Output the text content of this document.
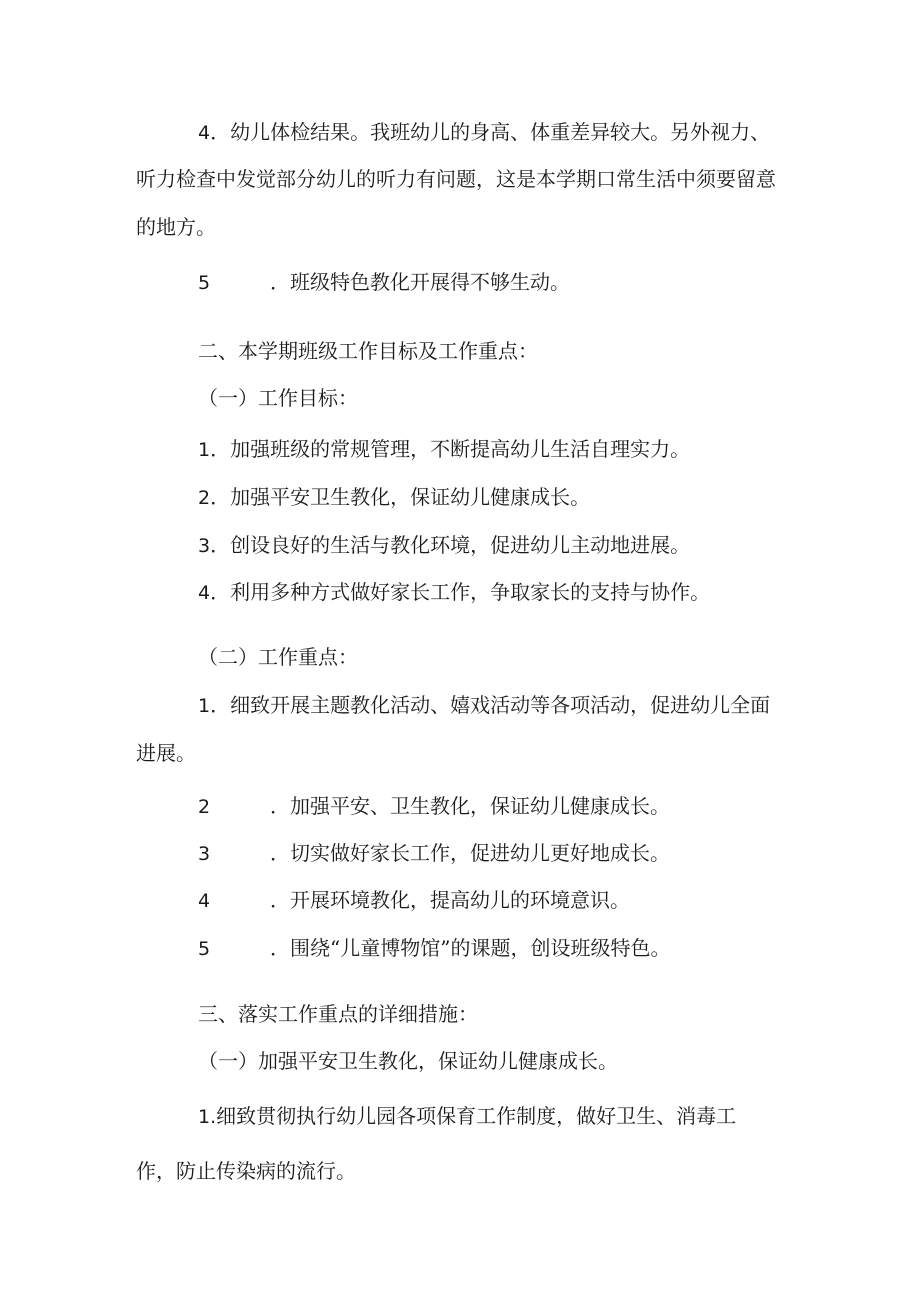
4．幼儿体检结果。我班幼儿的身高、体重差异较大。另外视力、
听力检查中发觉部分幼儿的听力有问题，这是本学期口常生活中须要留意
的地方。
5	．班级特色教化开展得不够生动。
二、本学期班级工作目标及工作重点：
（一）工作目标：
1．加强班级的常规管理，不断提高幼儿生活自理实力。
2．加强平安卫生教化，保证幼儿健康成长。
3．创设良好的生活与教化环境，促进幼儿主动地进展。
4．利用多种方式做好家长工作，争取家长的支持与协作。
（二）工作重点：
1．细致开展主题教化活动、嬉戏活动等各项活动，促进幼儿全面
进展。
2	．加强平安、卫生教化，保证幼儿健康成长。
3	．切实做好家长工作，促进幼儿更好地成长。
4	．开展环境教化，提高幼儿的环境意识。
5	．围绕“儿童博物馆”的课题，创设班级特色。
三、落实工作重点的详细措施：
（一）加强平安卫生教化，保证幼儿健康成长。
1.细致贯彻执行幼儿园各项保育工作制度，做好卫生、消毒工
作，防止传染病的流行。
